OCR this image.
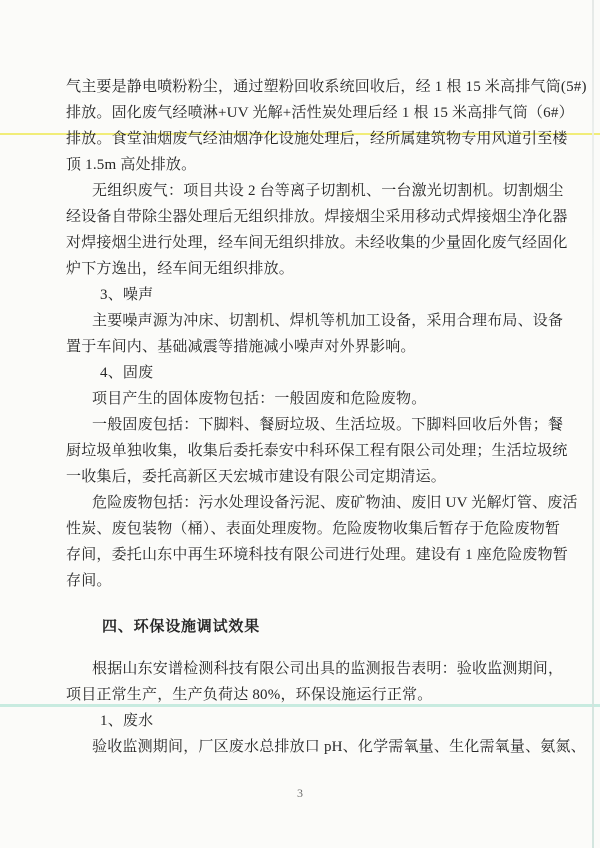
气主要是静电喷粉粉尘，通过塑粉回收系统回收后，经 1 根 15 米高排气筒(5#)
排放。固化废气经喷淋+UV 光解+活性炭处理后经 1 根 15 米高排气筒（6#）
排放。食堂油烟废气经油烟净化设施处理后，经所属建筑物专用风道引至楼
顶 1.5m 高处排放。
无组织废气：项目共设 2 台等离子切割机、一台激光切割机。切割烟尘
经设备自带除尘器处理后无组织排放。焊接烟尘采用移动式焊接烟尘净化器
对焊接烟尘进行处理，经车间无组织排放。未经收集的少量固化废气经固化
炉下方逸出，经车间无组织排放。
3、噪声
主要噪声源为冲床、切割机、焊机等机加工设备，采用合理布局、设备
置于车间内、基础减震等措施减小噪声对外界影响。
4、固废
项目产生的固体废物包括：一般固废和危险废物。
一般固废包括：下脚料、餐厨垃圾、生活垃圾。下脚料回收后外售；餐
厨垃圾单独收集，收集后委托泰安中科环保工程有限公司处理；生活垃圾统
一收集后，委托高新区天宏城市建设有限公司定期清运。
危险废物包括：污水处理设备污泥、废矿物油、废旧 UV 光解灯管、废活
性炭、废包装物（桶）、表面处理废物。危险废物收集后暂存于危险废物暂
存间，委托山东中再生环境科技有限公司进行处理。建设有 1 座危险废物暂
存间。
四、环保设施调试效果
根据山东安谱检测科技有限公司出具的监测报告表明：验收监测期间，
项目正常生产，生产负荷达 80%，环保设施运行正常。
1、废水
验收监测期间，厂区废水总排放口 pH、化学需氧量、生化需氧量、氨氮、
3
